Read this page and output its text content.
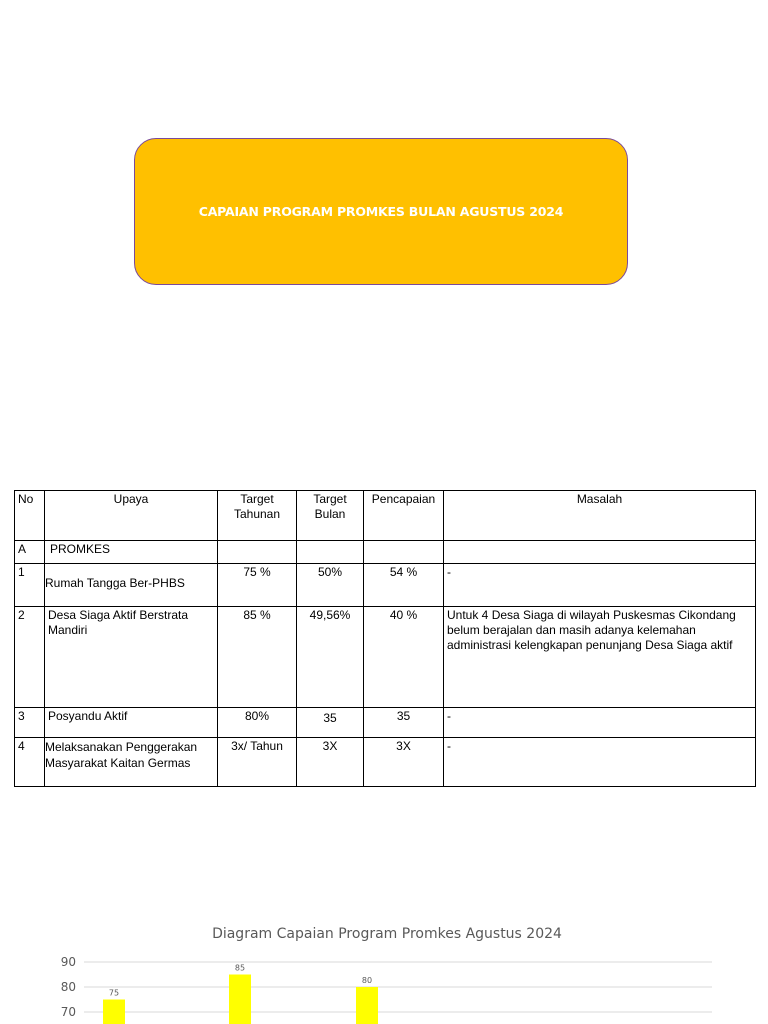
CAPAIAN PROGRAM PROMKES BULAN AGUSTUS 2024
No	Upaya	Target Tahunan	Target Bulan	Pencapaian	Masalah
A	PROMKES				
1	Rumah Tangga Ber-PHBS	75 %	50%	54 %	-
2	Desa Siaga Aktif Berstrata Mandiri	85 %	49,56%	40 %	Untuk 4 Desa Siaga di wilayah Puskesmas Cikondang belum berajalan dan masih adanya kelemahan administrasi kelengkapan penunjang Desa Siaga aktif
3	Posyandu Aktif	80%	35	35	-
4	Melaksanakan Penggerakan Masyarakat Kaitan Germas	3x/ Tahun	3X	3X	-
Diagram Capaian Program Promkes Agustus 2024
90
80
70
75
85
80
